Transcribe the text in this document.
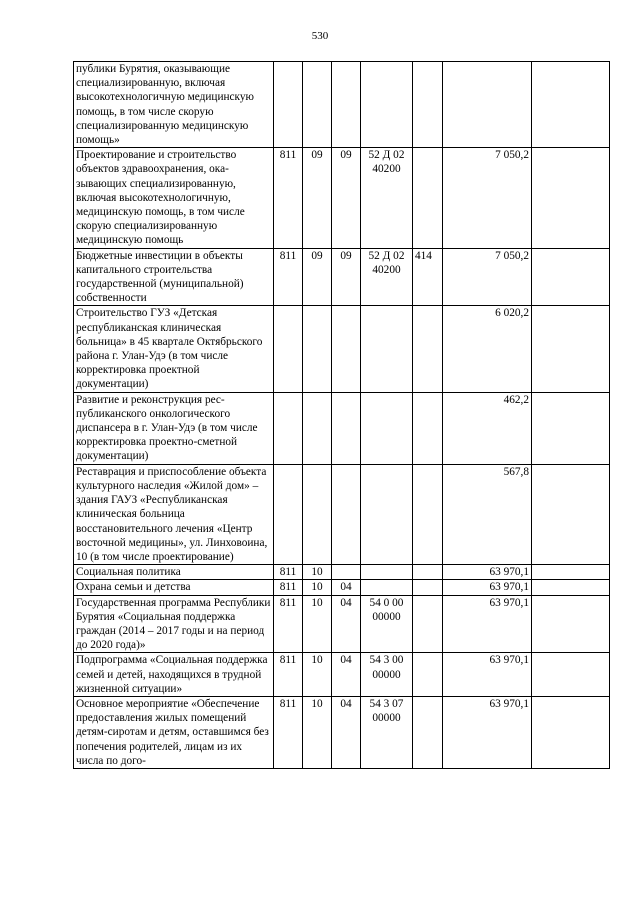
530
публики Бурятия, оказывающие специализированную, включая высокотехнологичную медицинскую помощь, в том числе скорую специализированную медицинскую помощь»							
Проектирование и строительство объектов здравоохранения, оказывающих специализированную, включая высокотехнологичную, медицинскую помощь, в том числе скорую специализированную медицинскую помощь	811	09	09	52 Д 02 40200		7 050,2	
Бюджетные инвестиции в объекты капитального строительства государственной (муниципальной) собственности	811	09	09	52 Д 02 40200	414	7 050,2	
Строительство ГУЗ «Детская республиканская клиническая больница» в 45 квартале Октябрьского района г. Улан-Удэ (в том числе корректировка проектной документации)						6 020,2	
Развитие и реконструкция республиканского онкологического диспансера в г. Улан-Удэ (в том числе корректировка проектно-сметной документации)						462,2	
Реставрация и приспособление объекта культурного наследия «Жилой дом» – здания ГАУЗ «Республиканская клиническая больница восстановительного лечения «Центр восточной медицины», ул. Линховоина, 10 (в том числе проектирование)						567,8	
Социальная политика	811	10				63 970,1	
Охрана семьи и детства	811	10	04			63 970,1	
Государственная программа Республики Бурятия «Социальная поддержка граждан (2014 – 2017 годы и на период до 2020 года)»	811	10	04	54 0 00 00000		63 970,1	
Подпрограмма «Социальная поддержка семей и детей, находящихся в трудной жизненной ситуации»	811	10	04	54 3 00 00000		63 970,1	
Основное мероприятие «Обеспечение предоставления жилых помещений детям-сиротам и детям, оставшимся без попечения родителей, лицам из их числа по дого-	811	10	04	54 3 07 00000		63 970,1	
